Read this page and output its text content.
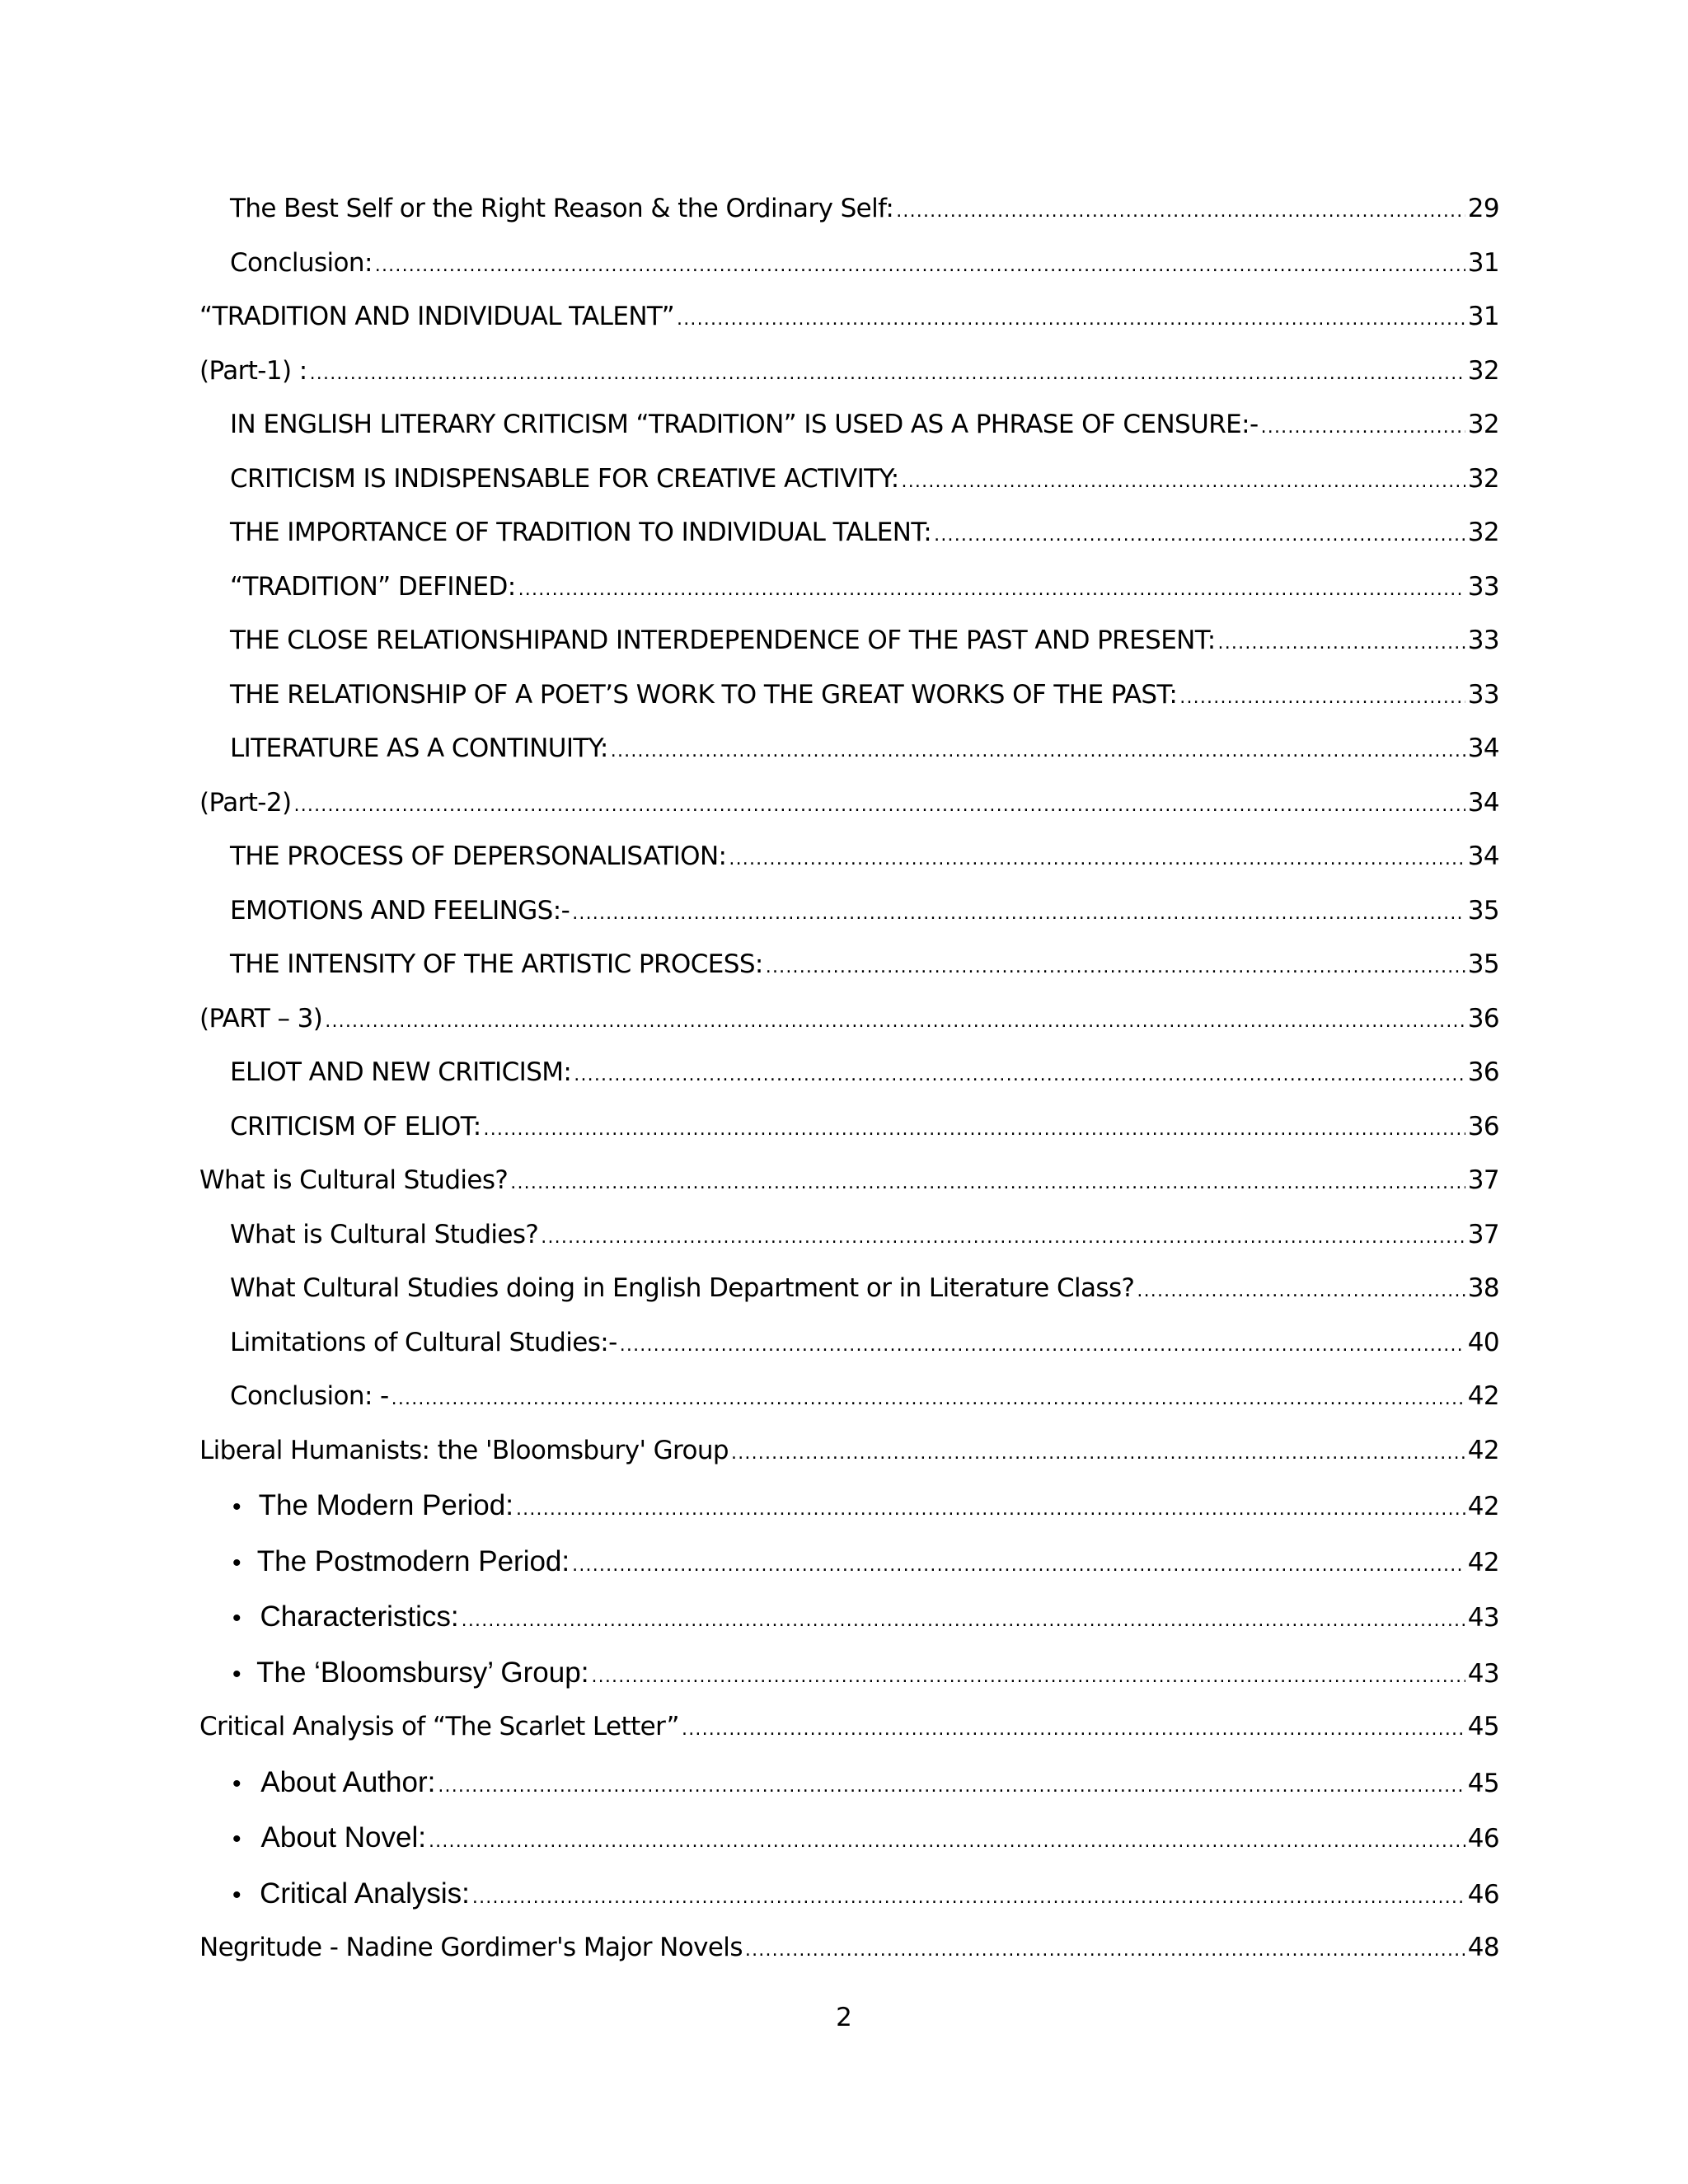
The Best Self or the Right Reason & the Ordinary Self: .....	29
Conclusion: .....	31
“TRADITION AND INDIVIDUAL TALENT” .....	31
(Part-1) : .....	32
IN ENGLISH LITERARY CRITICISM “TRADITION” IS USED AS A PHRASE OF CENSURE:- .....	32
CRITICISM IS INDISPENSABLE FOR CREATIVE ACTIVITY: .....	32
THE IMPORTANCE OF TRADITION TO INDIVIDUAL TALENT: .....	32
“TRADITION” DEFINED: .....	33
THE CLOSE RELATIONSHIPAND INTERDEPENDENCE OF THE PAST AND PRESENT: .....	33
THE RELATIONSHIP OF A POET’S WORK TO THE GREAT WORKS OF THE PAST: .....	33
LITERATURE AS A CONTINUITY: .....	34
(Part-2) .....	34
THE PROCESS OF DEPERSONALISATION: .....	34
EMOTIONS AND FEELINGS:- .....	35
THE INTENSITY OF THE ARTISTIC PROCESS: .....	35
(PART – 3) .....	36
ELIOT AND NEW CRITICISM: .....	36
CRITICISM OF ELIOT: .....	36
What is Cultural Studies? .....	37
What is Cultural Studies? .....	37
What Cultural Studies doing in English Department or in Literature Class? .....	38
Limitations of Cultural Studies:- .....	40
Conclusion: - .....	42
Liberal Humanists: the 'Bloomsbury' Group .....	42
• The Modern Period: .....	42
• The Postmodern Period: .....	42
• Characteristics: .....	43
• The ‘Bloomsbursy’ Group: .....	43
Critical Analysis of “The Scarlet Letter” .....	45
• About Author: .....	45
• About Novel: .....	46
• Critical Analysis: .....	46
Negritude - Nadine Gordimer's Major Novels .....	48
2
